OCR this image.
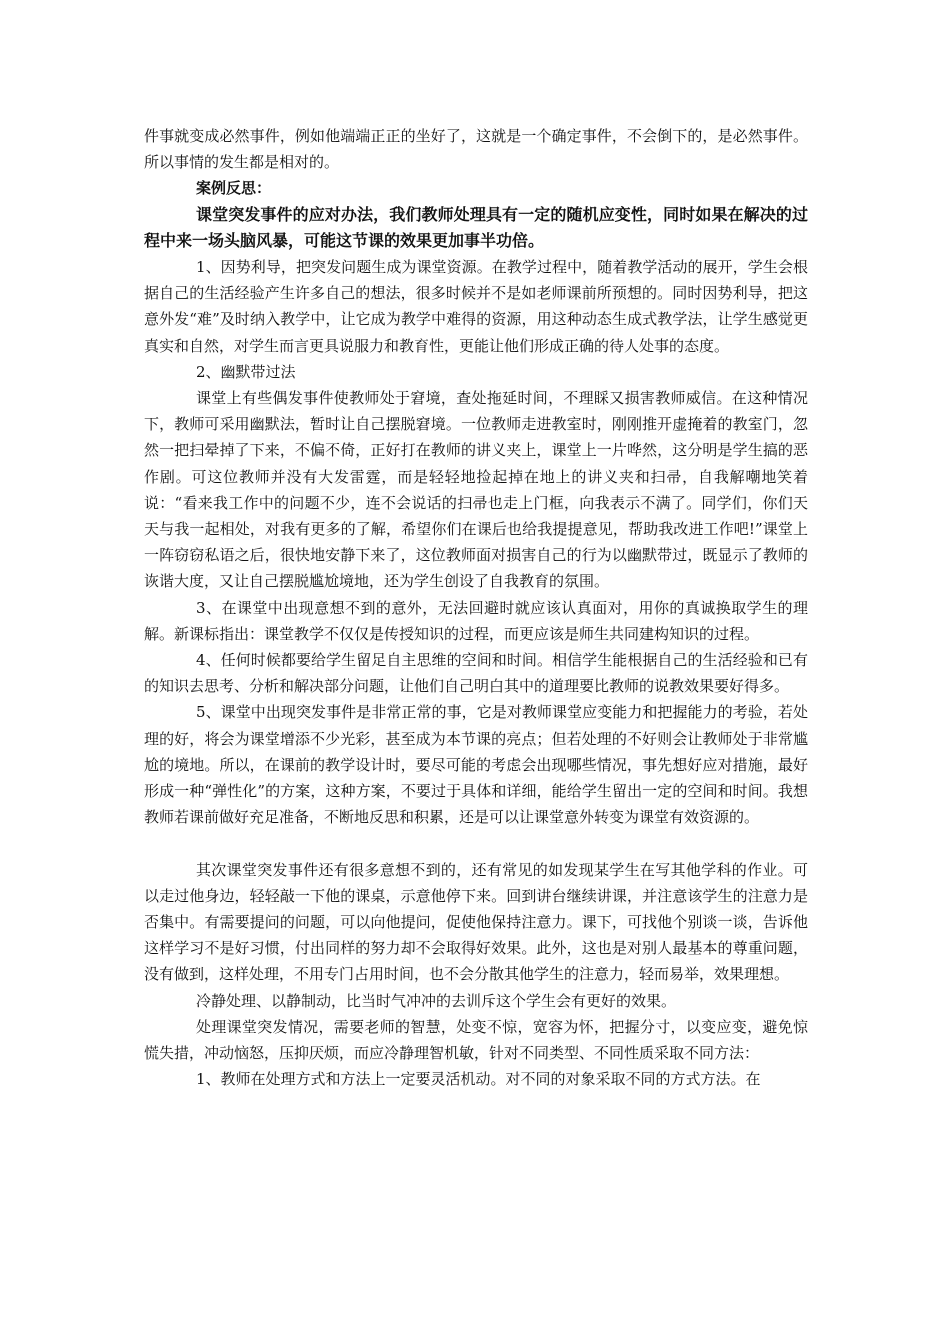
件事就变成必然事件，例如他端端正正的坐好了，这就是一个确定事件，不会倒下的，是必然事件。所以事情的发生都是相对的。

案例反思：

课堂突发事件的应对办法，我们教师处理具有一定的随机应变性，同时如果在解决的过程中来一场头脑风暴，可能这节课的效果更加事半功倍。

1、因势利导，把突发问题生成为课堂资源。在教学过程中，随着教学活动的展开，学生会根据自己的生活经验产生许多自己的想法，很多时候并不是如老师课前所预想的。同时因势利导，把这意外发“难”及时纳入教学中，让它成为教学中难得的资源，用这种动态生成式教学法，让学生感觉更真实和自然，对学生而言更具说服力和教育性，更能让他们形成正确的待人处事的态度。

2、幽默带过法

课堂上有些偶发事件使教师处于窘境，查处拖延时间，不理睬又损害教师威信。在这种情况下，教师可采用幽默法，暂时让自己摆脱窘境。一位教师走进教室时，刚刚推开虚掩着的教室门，忽然一把扫晕掉了下来，不偏不倚，正好打在教师的讲义夹上，课堂上一片哗然，这分明是学生搞的恶作剧。可这位教师并没有大发雷霆，而是轻轻地捡起掉在地上的讲义夹和扫帚，自我解嘲地笑着说：“看来我工作中的问题不少，连不会说话的扫帚也走上门框，向我表示不满了。同学们，你们天天与我一起相处，对我有更多的了解，希望你们在课后也给我提提意见，帮助我改进工作吧!”课堂上一阵窃窃私语之后，很快地安静下来了，这位教师面对损害自己的行为以幽默带过，既显示了教师的诙谐大度，又让自己摆脱尴尬境地，还为学生创设了自我教育的氛围。

3、在课堂中出现意想不到的意外，无法回避时就应该认真面对，用你的真诚换取学生的理解。新课标指出：课堂教学不仅仅是传授知识的过程，而更应该是师生共同建构知识的过程。

4、任何时候都要给学生留足自主思维的空间和时间。相信学生能根据自己的生活经验和已有的知识去思考、分析和解决部分问题，让他们自己明白其中的道理要比教师的说教效果要好得多。

5、课堂中出现突发事件是非常正常的事，它是对教师课堂应变能力和把握能力的考验，若处理的好，将会为课堂增添不少光彩，甚至成为本节课的亮点；但若处理的不好则会让教师处于非常尴尬的境地。所以，在课前的教学设计时，要尽可能的考虑会出现哪些情况，事先想好应对措施，最好形成一种“弹性化”的方案，这种方案，不要过于具体和详细，能给学生留出一定的空间和时间。我想教师若课前做好充足准备，不断地反思和积累，还是可以让课堂意外转变为课堂有效资源的。

其次课堂突发事件还有很多意想不到的，还有常见的如发现某学生在写其他学科的作业。可以走过他身边，轻轻敲一下他的课桌，示意他停下来。回到讲台继续讲课，并注意该学生的注意力是否集中。有需要提问的问题，可以向他提问，促使他保持注意力。课下，可找他个别谈一谈，告诉他这样学习不是好习惯，付出同样的努力却不会取得好效果。此外，这也是对别人最基本的尊重问题，没有做到，这样处理，不用专门占用时间，也不会分散其他学生的注意力，轻而易举，效果理想。

冷静处理、以静制动，比当时气冲冲的去训斥这个学生会有更好的效果。

处理课堂突发情况，需要老师的智慧，处变不惊，宽容为怀，把握分寸，以变应变，避免惊慌失措，冲动恼怒，压抑厌烦，而应冷静理智机敏，针对不同类型、不同性质采取不同方法：

1、教师在处理方式和方法上一定要灵活机动。对不同的对象采取不同的方式方法。在
